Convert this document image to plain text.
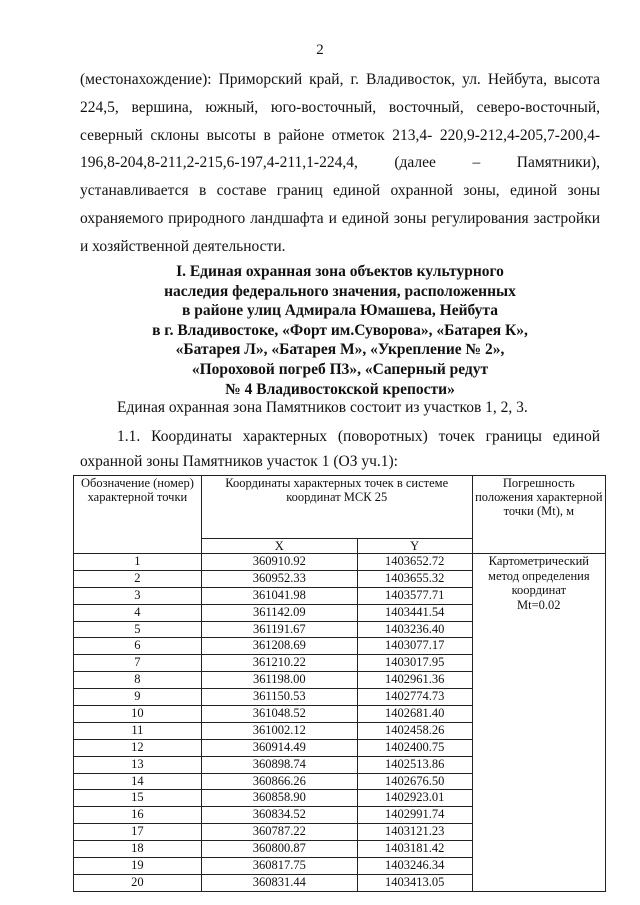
2

(местонахождение): Приморский край, г. Владивосток, ул. Нейбута, высота 224,5, вершина, южный, юго-восточный, восточный, северо-восточный, северный склоны высоты в районе отметок 213,4- 220,9-212,4-205,7-200,4-196,8-204,8-211,2-215,6-197,4-211,1-224,4, (далее – Памятники), устанавливается в составе границ единой охранной зоны, единой зоны охраняемого природного ландшафта и единой зоны регулирования застройки и хозяйственной деятельности.

I. Единая охранная зона объектов культурного
наследия федерального значения, расположенных
в районе улиц Адмирала Юмашева, Нейбута
в г. Владивостоке, «Форт им.Суворова», «Батарея К»,
«Батарея Л», «Батарея М», «Укрепление № 2»,
«Пороховой погреб П3», «Саперный редут
№ 4 Владивостокской крепости»
Единая охранная зона Памятников состоит из участков 1, 2, 3.
1.1. Координаты характерных (поворотных) точек границы единой охранной зоны Памятников участок 1 (ОЗ уч.1):
Обозначение (номер) характерной точки	Координаты характерных точек в системе координат МСК 25		Погрешность положения характерной точки (Mt), м
	X	Y	
1	360910.92	1403652.72	Картометрический
метод определения
координат
Mt=0.02

2	360952.33	1403655.32	
3	361041.98	1403577.71	
4	361142.09	1403441.54	
5	361191.67	1403236.40	
6	361208.69	1403077.17	
7	361210.22	1403017.95	
8	361198.00	1402961.36	
9	361150.53	1402774.73	
10	361048.52	1402681.40	
11	361002.12	1402458.26	
12	360914.49	1402400.75	
13	360898.74	1402513.86	
14	360866.26	1402676.50	
15	360858.90	1402923.01	
16	360834.52	1402991.74	
17	360787.22	1403121.23	
18	360800.87	1403181.42	
19	360817.75	1403246.34	
20	360831.44	1403413.05	
